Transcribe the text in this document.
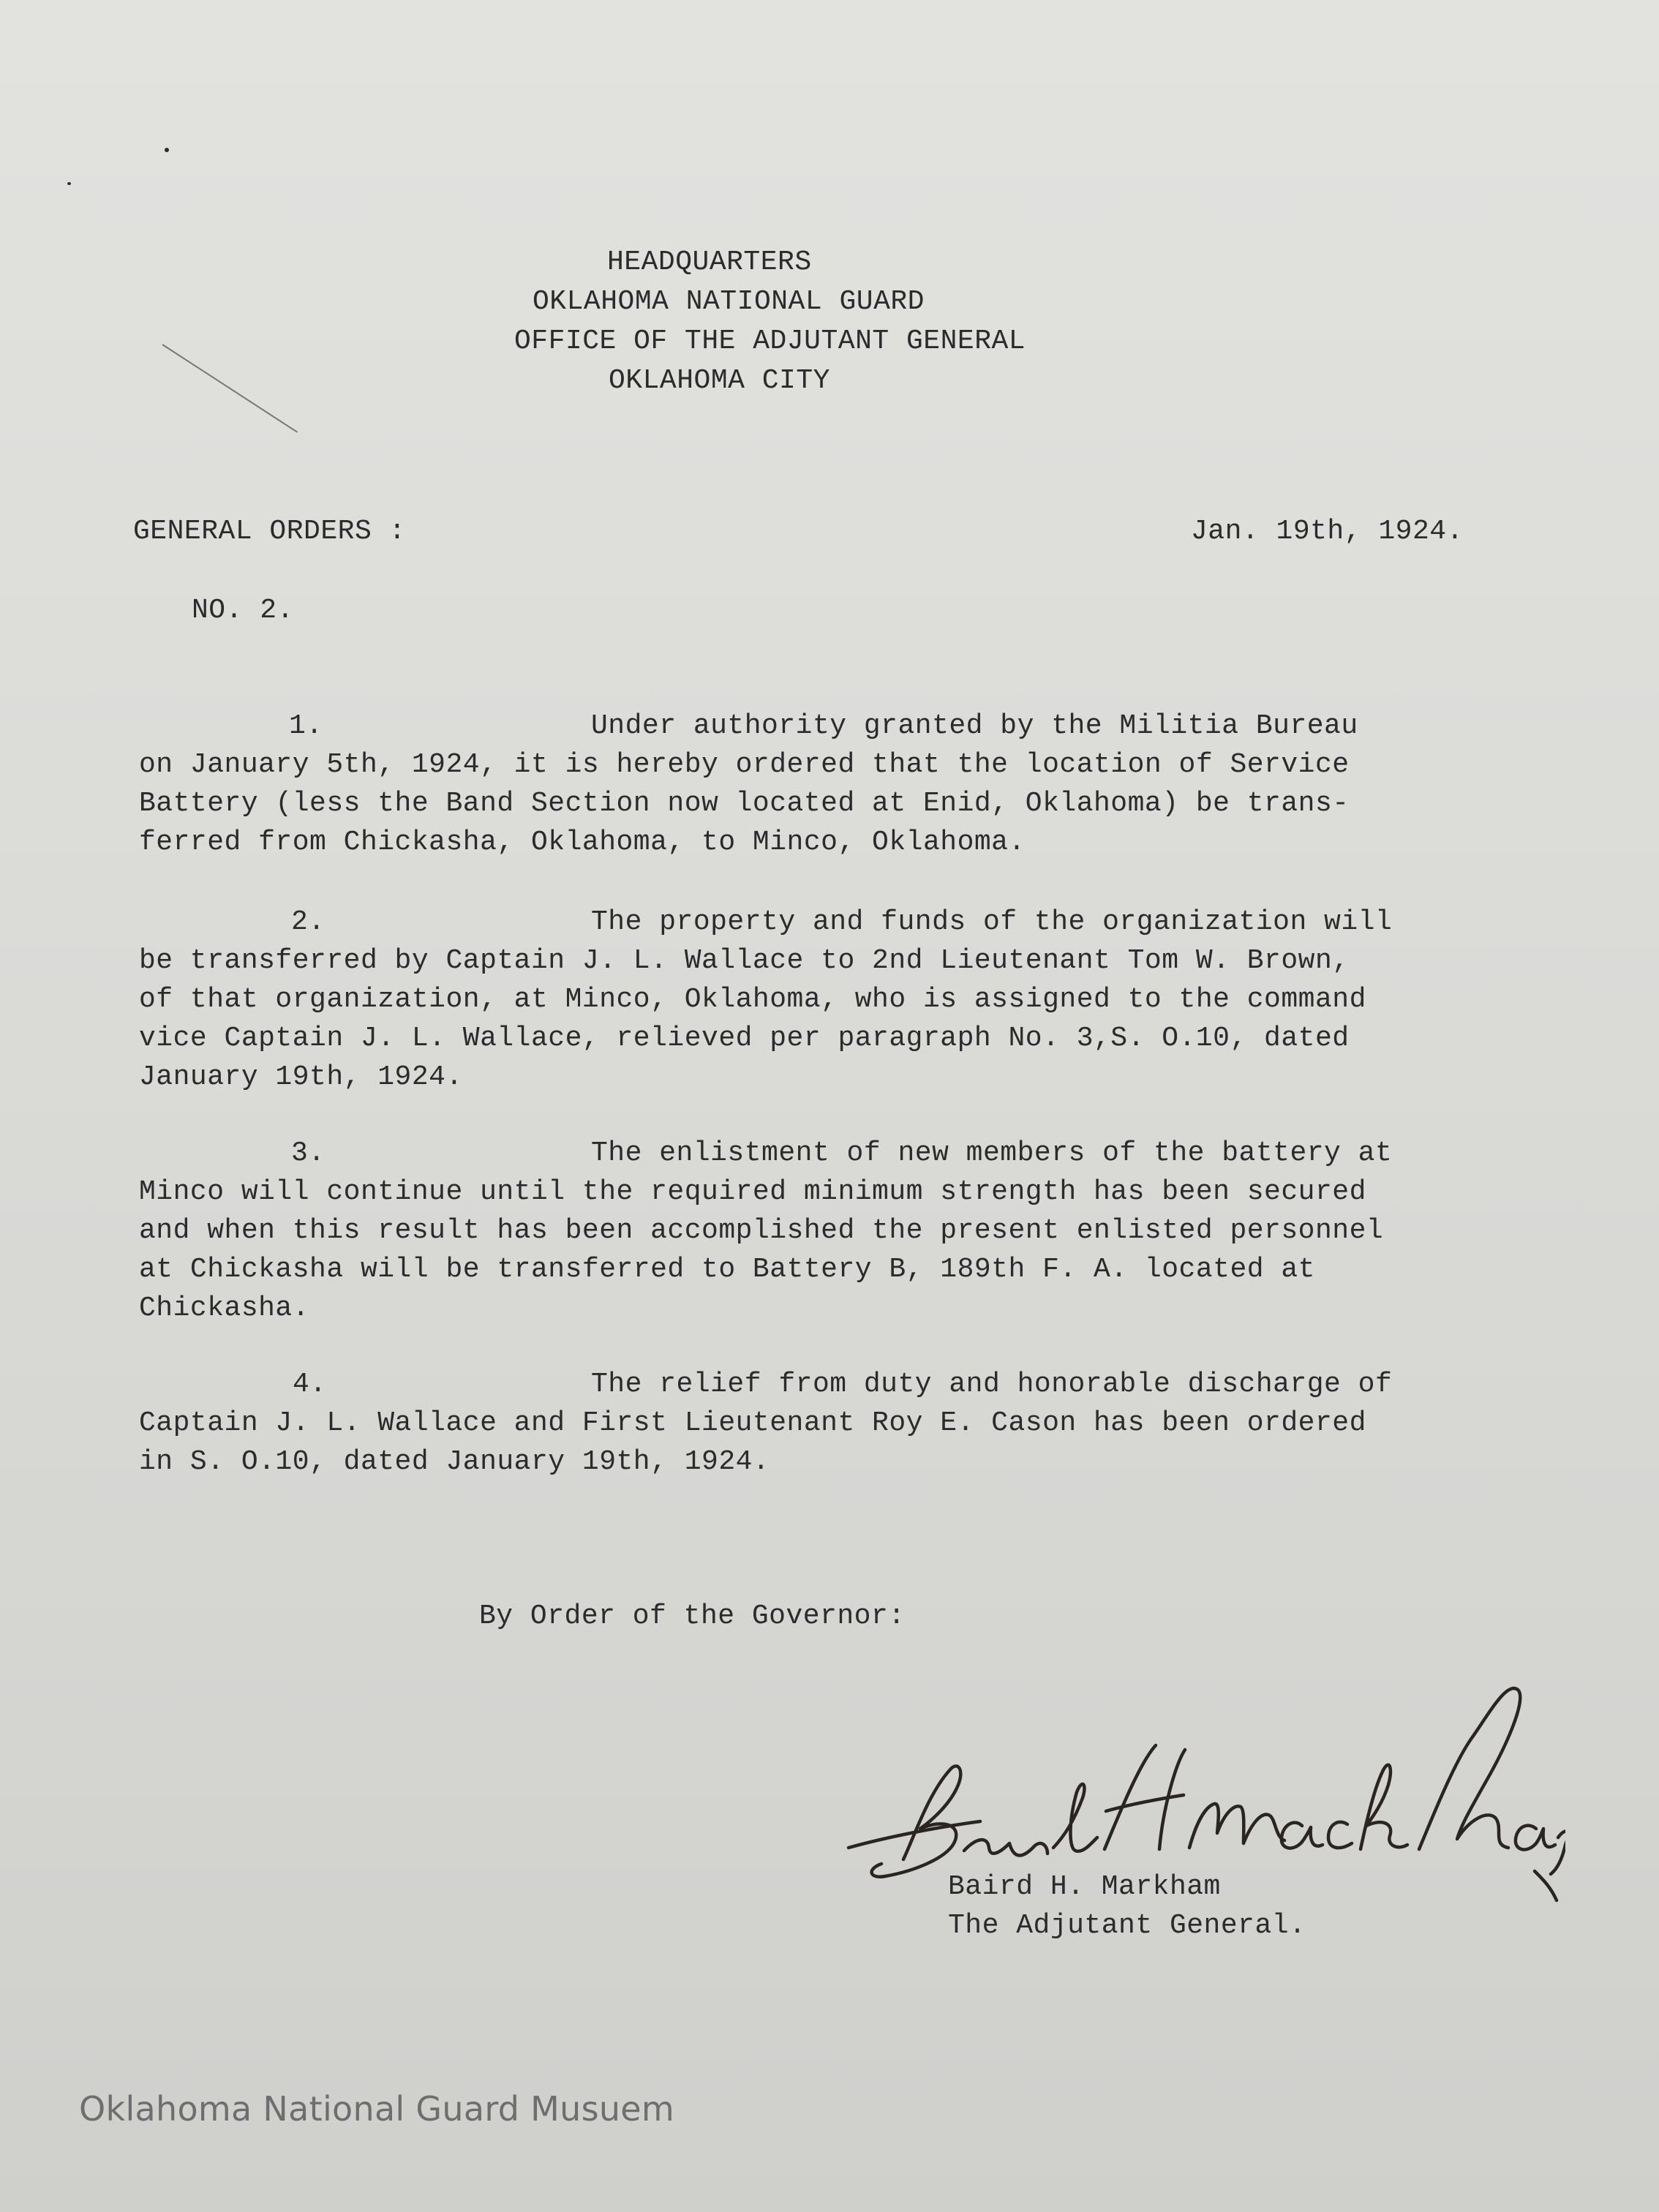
HEADQUARTERS
OKLAHOMA NATIONAL GUARD
OFFICE OF THE ADJUTANT GENERAL
OKLAHOMA CITY
GENERAL ORDERS :	Jan. 19th, 1924.
NO. 2.
1.	Under authority granted by the Militia Bureau
on January 5th, 1924, it is hereby ordered that the location of Service
Battery (less the Band Section now located at Enid, Oklahoma) be trans-
ferred from Chickasha, Oklahoma, to Minco, Oklahoma.
2.	The property and funds of the organization will
be transferred by Captain J. L. Wallace to 2nd Lieutenant Tom W. Brown,
of that organization, at Minco, Oklahoma, who is assigned to the command
vice Captain J. L. Wallace, relieved per paragraph No. 3,S. O.10, dated
January 19th, 1924.
3.	The enlistment of new members of the battery at
Minco will continue until the required minimum strength has been secured
and when this result has been accomplished the present enlisted personnel
at Chickasha will be transferred to Battery B, 189th F. A. located at
Chickasha.
4.	The relief from duty and honorable discharge of
Captain J. L. Wallace and First Lieutenant Roy E. Cason has been ordered
in S. O.10, dated January 19th, 1924.
By Order of the Governor:
Baird H. Markham
The Adjutant General.
Oklahoma National Guard Musuem
